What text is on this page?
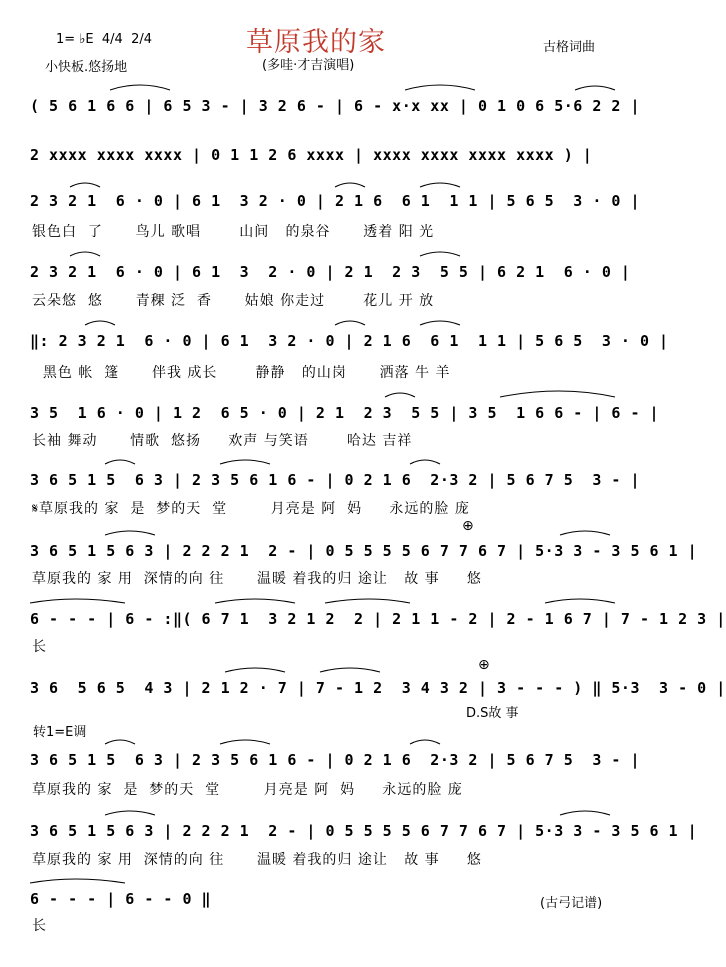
草原我的家
1= ♭E  4/4  2/4
小快板.悠扬地	(多哇·才吉演唱)
古格词曲
( 5 6 1 6 6 | 6 5 3 - | 3 2 6 - | 6 - x·x xx | 0 1 0 6 5·6 2 2 |
2 xxxx xxxx xxxx | 0 1 1 2 6 xxxx | xxxx xxxx xxxx xxxx ) |
2 3 2 1  6 · 0 | 6 1  3 2 · 0 | 2 1 6  6 1  1 1 | 5 6 5  3 · 0 |
银色白  了      鸟儿 歌唱       山间   的泉谷      透着 阳 光
2 3 2 1  6 · 0 | 6 1  3  2 · 0 | 2 1  2 3  5 5 | 6 2 1  6 · 0 |
云朵悠  悠      青稞 泛  香      姑娘 你走过       花儿 开 放
‖: 2 3 2 1  6 · 0 | 6 1  3 2 · 0 | 2 1 6  6 1  1 1 | 5 6 5  3 · 0 |
黑色 帐  篷      伴我 成长       静静   的山岗      洒落 牛 羊
3 5  1 6 · 0 | 1 2  6 5 · 0 | 2 1  2 3  5 5 | 3 5  1 6 6 - | 6 - |
长袖 舞动      情歌  悠扬     欢声 与笑语       哈达 吉祥
3 6 5 1 5  6 3 | 2 3 5 6 1 6 - | 0 2 1 6  2·3 2 | 5 6 7 5  3 - |
𝄋草原我的 家  是  梦的天  堂        月亮是 阿  妈     永远的脸 庞
⊕
3 6 5 1 5 6 3 | 2 2 2 1  2 - | 0 5 5 5 5 6 7 7 6 7 | 5·3 3 - 3 5 6 1 |
草原我的 家 用  深情的向 往      温暖 着我的归 途让   故 事     悠
6 - - - | 6 - :‖( 6 7 1  3 2 1 2  2 | 2 1 1 - 2 | 2 - 1 6 7 | 7 - 1 2 3 |
长
⊕
3 6  5 6 5  4 3 | 2 1 2 · 7 | 7 - 1 2  3 4 3 2 | 3 - - - ) ‖ 5·3  3 - 0 |
D.S故 事
转1=E调
3 6 5 1 5  6 3 | 2 3 5 6 1 6 - | 0 2 1 6  2·3 2 | 5 6 7 5  3 - |
草原我的 家  是  梦的天  堂        月亮是 阿  妈     永远的脸 庞
3 6 5 1 5 6 3 | 2 2 2 1  2 - | 0 5 5 5 5 6 7 7 6 7 | 5·3 3 - 3 5 6 1 |
草原我的 家 用  深情的向 往      温暖 着我的归 途让   故 事     悠
6 - - - | 6 - - 0 ‖
长
(古弓记谱)
